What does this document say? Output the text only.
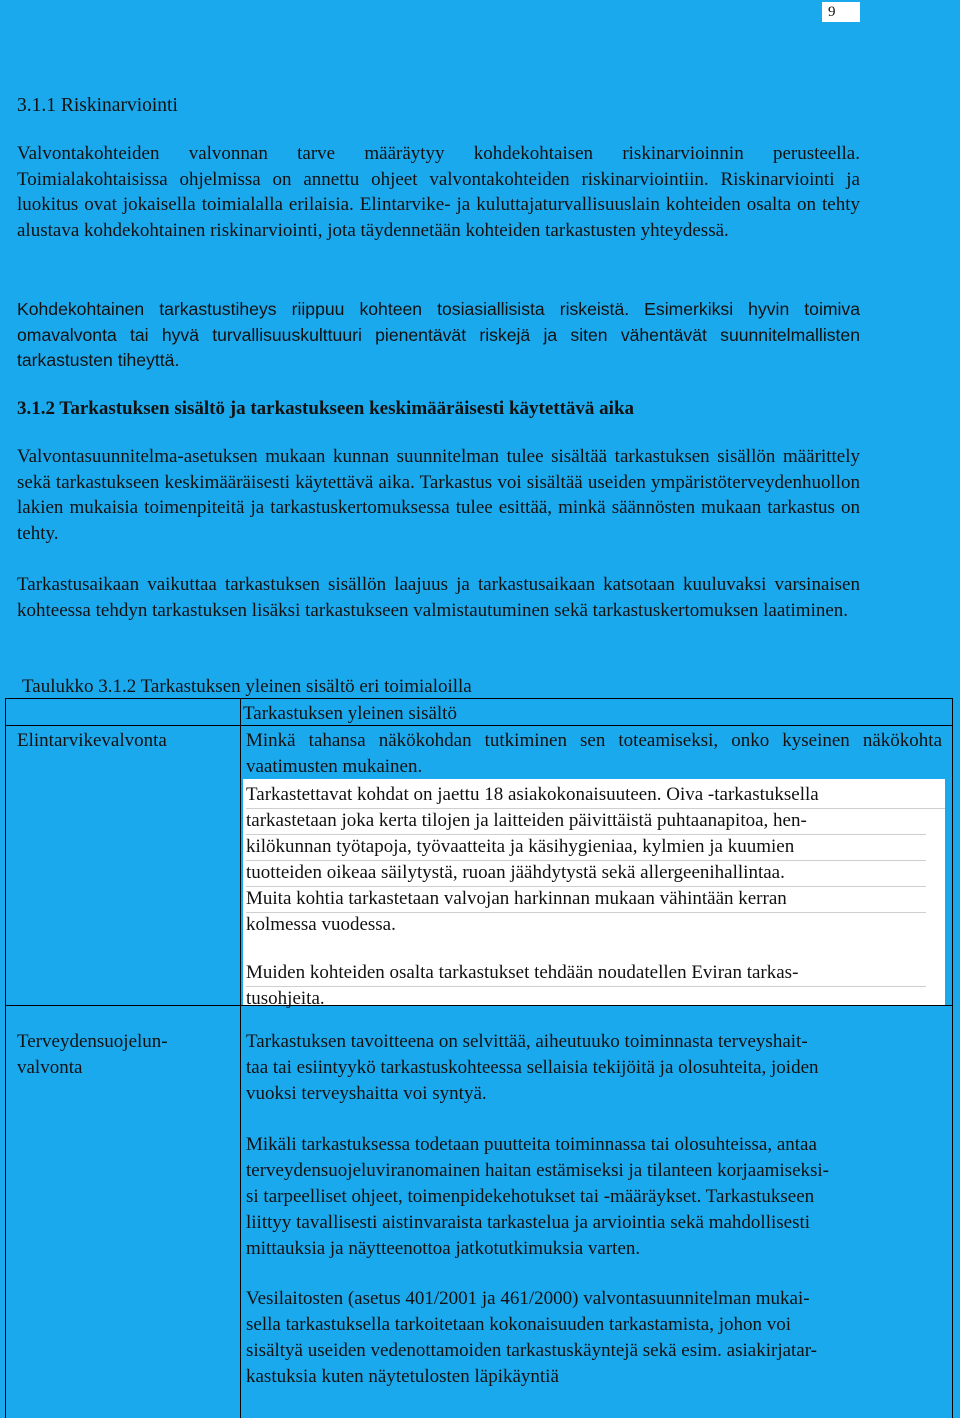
9
3.1.1 Riskinarviointi
Valvontakohteiden valvonnan tarve määräytyy kohdekohtaisen riskinarvioinnin perusteella. Toimialakohtaisissa ohjelmissa on annettu ohjeet valvontakohteiden riskinarviointiin. Riskinarviointi ja luokitus ovat jokaisella toimialalla erilaisia. Elintarvike- ja kuluttajaturvallisuuslain kohteiden osalta on tehty alustava kohdekohtainen riskinarviointi, jota täydennetään kohteiden tarkastusten yhteydessä.
Kohdekohtainen tarkastustiheys riippuu kohteen tosiasiallisista riskeistä. Esimerkiksi hyvin toimiva omavalvonta tai hyvä turvallisuuskulttuuri pienentävät riskejä ja siten vähentävät suunnitelmallisten tarkastusten tiheyttä.
3.1.2 Tarkastuksen sisältö ja tarkastukseen keskimääräisesti käytettävä aika
Valvontasuunnitelma-asetuksen mukaan kunnan suunnitelman tulee sisältää tarkastuksen sisällön määrittely sekä tarkastukseen keskimääräisesti käytettävä aika. Tarkastus voi sisältää useiden ympäristöterveydenhuollon lakien mukaisia toimenpiteitä ja tarkastuskertomuksessa tulee esittää, minkä säännösten mukaan tarkastus on tehty.
Tarkastusaikaan vaikuttaa tarkastuksen sisällön laajuus ja tarkastusaikaan katsotaan kuuluvaksi varsinaisen kohteessa tehdyn tarkastuksen lisäksi tarkastukseen valmistautuminen sekä tarkastuskertomuksen laatiminen.
Taulukko 3.1.2 Tarkastuksen yleinen sisältö eri toimialoilla
Tarkastuksen yleinen sisältö
Elintarvikevalvonta	Minkä tahansa näkökohdan tutkiminen sen toteamiseksi, onko kyseinen näkökohta vaatimusten mukainen.
Tarkastettavat kohdat on jaettu 18 asiakokonaisuuteen. Oiva -tarkastuksella
tarkastetaan joka kerta tilojen ja laitteiden päivittäistä puhtaanapitoa, hen-
kilökunnan työtapoja, työvaatteita ja käsihygieniaa, kylmien ja kuumien
tuotteiden oikeaa säilytystä, ruoan jäähdytystä sekä allergeenihallintaa.
Muita kohtia tarkastetaan valvojan harkinnan mukaan vähintään kerran
kolmessa vuodessa.
Muiden kohteiden osalta tarkastukset tehdään noudatellen Eviran tarkas-
tusohjeita.
Terveydensuojelun-
valvonta
Tarkastuksen tavoitteena on selvittää, aiheutuuko toiminnasta terveyshait-
taa tai esiintyykö tarkastuskohteessa sellaisia tekijöitä ja olosuhteita, joiden
vuoksi terveyshaitta voi syntyä.
Mikäli tarkastuksessa todetaan puutteita toiminnassa tai olosuhteissa, antaa
terveydensuojeluviranomainen haitan estämiseksi ja tilanteen korjaamiseksi-
si tarpeelliset ohjeet, toimenpidekehotukset tai -määräykset. Tarkastukseen
liittyy tavallisesti aistinvaraista tarkastelua ja arviointia sekä mahdollisesti
mittauksia ja näytteenottoa jatkotutkimuksia varten.
Vesilaitosten (asetus 401/2001 ja 461/2000) valvontasuunnitelman mukai-
sella tarkastuksella tarkoitetaan kokonaisuuden tarkastamista, johon voi
sisältyä useiden vedenottamoiden tarkastuskäyntejä sekä esim. asiakirjatar-
kastuksia kuten näytetulosten läpikäyntiä
